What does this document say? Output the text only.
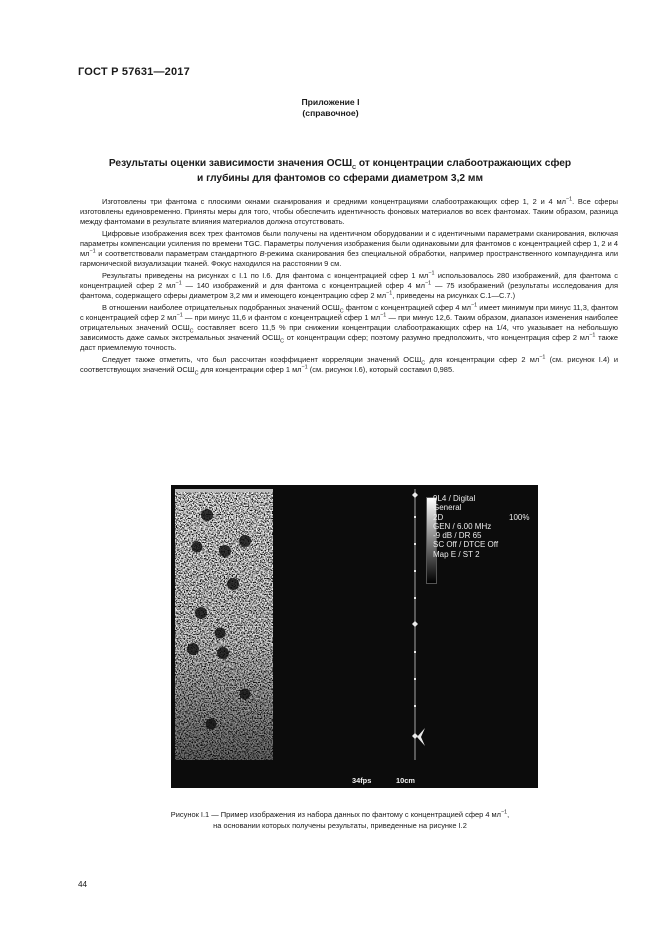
ГОСТ Р 57631—2017
Приложение I
(справочное)
Результаты оценки зависимости значения $ОСШ_С$ от концентрации слабоотражающих сфер
и глубины для фантомов со сферами диаметром 3,2 мм

Изготовлены три фантома с плоскими окнами сканирования и средними концентрациями слабоотражающих сфер 1, 2 и 4 $мл^{-1}$. Все сферы изготовлены единовременно. Приняты меры для того, чтобы обеспечить идентичность фоновых материалов во всех фантомах. Таким образом, разница между фантомами в результате влияния материалов должна отсутствовать.

Цифровые изображения всех трех фантомов были получены на идентичном оборудовании и с идентичными параметрами сканирования, включая параметры компенсации усиления по времени TGC. Параметры получения изображения были одинаковыми для фантомов с концентрацией сфер 1, 2 и 4 $мл^{-1}$ и соответствовали параметрам стандартного B-режима сканирования без специальной обработки, например пространственного компаундинга или гармонической визуализации тканей. Фокус находился на расстоянии 9 см.

Результаты приведены на рисунках с I.1 по I.6. Для фантома с концентрацией сфер 1 $мл^{-1}$ использовалось 280 изображений, для фантома с концентрацией сфер 2 $мл^{-1}$ — 140 изображений и для фантома с концентрацией сфер 4 $мл^{-1}$ — 75 изображений (результаты исследования для фантома, содержащего сферы диаметром 3,2 мм и имеющего концентрацию сфер 2 $мл^{-1}$, приведены на рисунках С.1—С.7.)

В отношении наиболее отрицательных подобранных значений $ОСШ_С$ фантом с концентрацией сфер 4 $мл^{-1}$ имеет минимум при минус 11,3, фантом с концентрацией сфер 2 $мл^{-1}$ — при минус 11,6 и фантом с концентрацией сфер 1 $мл^{-1}$ — при минус 12,6. Таким образом, диапазон изменения наиболее отрицательных значений $ОСШ_С$ составляет всего 11,5 % при снижении концентрации слабоотражающих сфер на 1/4, что указывает на небольшую зависимость даже самых экстремальных значений $ОСШ_С$ от концентрации сфер; поэтому разумно предположить, что концентрация сфер 2 $мл^{-1}$ также даст приемлемую точность.

Следует также отметить, что был рассчитан коэффициент корреляции значений $ОСШ_С$ для концентрации сфер 2 $мл^{-1}$ (см. рисунок I.4) и соответствующих значений $ОСШ_С$ для концентрации сфер 1 $мл^{-1}$ (см. рисунок I.6), который составил 0,985.

9L4 / Digital
General
2D	100%
GEN / 6.00 MHz
-9 dB / DR 65
SC Off / DTCE Off
Map E / ST 2
34fps	10cm
Рисунок I.1 — Пример изображения из набора данных по фантому с концентрацией сфер 4 $мл^{-1}$,
на основании которых получены результаты, приведенные на рисунке I.2
44
